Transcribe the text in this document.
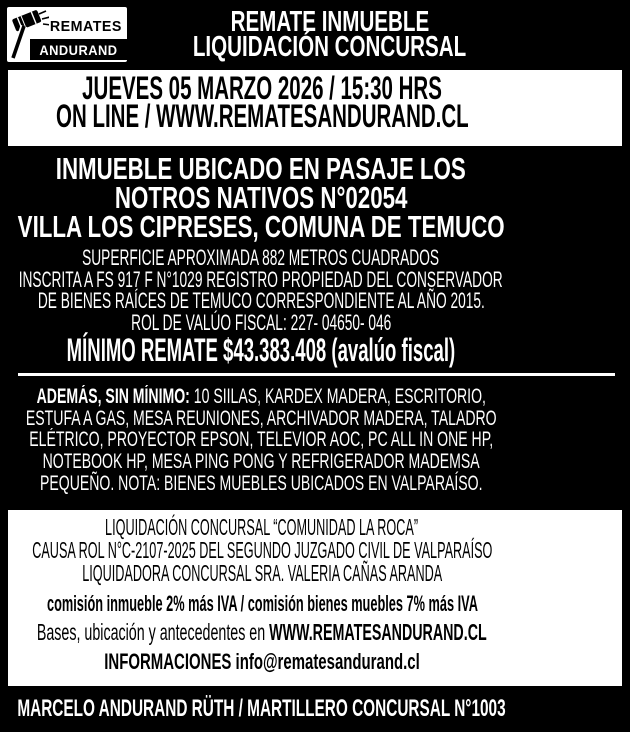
REMATES
ANDURAND
REMATE INMUEBLE
LIQUIDACIÓN CONCURSAL
JUEVES 05 MARZO 2026 / 15:30 HRS
ON LINE / WWW.REMATESANDURAND.CL
INMUEBLE UBICADO EN PASAJE LOS
NOTROS NATIVOS N°02054
VILLA LOS CIPRESES, COMUNA DE TEMUCO
SUPERFICIE APROXIMADA 882 METROS CUADRADOS
INSCRITA A FS 917 F N°1029 REGISTRO PROPIEDAD DEL CONSERVADOR
DE BIENES RAÍCES DE TEMUCO CORRESPONDIENTE AL AÑO 2015.
ROL DE VALÚO FISCAL: 227- 04650- 046
MÍNIMO REMATE $43.383.408 (avalúo fiscal)
ADEMÁS, SIN MÍNIMO: 10 SIILAS, KARDEX MADERA, ESCRITORIO,
ESTUFA A GAS, MESA REUNIONES, ARCHIVADOR MADERA, TALADRO
ELÉTRICO, PROYECTOR EPSON, TELEVIOR AOC, PC ALL IN ONE HP,
NOTEBOOK HP, MESA PING PONG Y REFRIGERADOR MADEMSA
PEQUEÑO. NOTA: BIENES MUEBLES UBICADOS EN VALPARAÍSO.
LIQUIDACIÓN CONCURSAL “COMUNIDAD LA ROCA”
CAUSA ROL N°C-2107-2025 DEL SEGUNDO JUZGADO CIVIL DE VALPARAÍSO
LIQUIDADORA CONCURSAL SRA. VALERIA CAÑAS ARANDA
comisión inmueble 2% más IVA / comisión bienes muebles 7% más IVA
Bases, ubicación y antecedentes en WWW.REMATESANDURAND.CL
INFORMACIONES info@rematesandurand.cl
MARCELO ANDURAND RÜTH / MARTILLERO CONCURSAL N°1003
